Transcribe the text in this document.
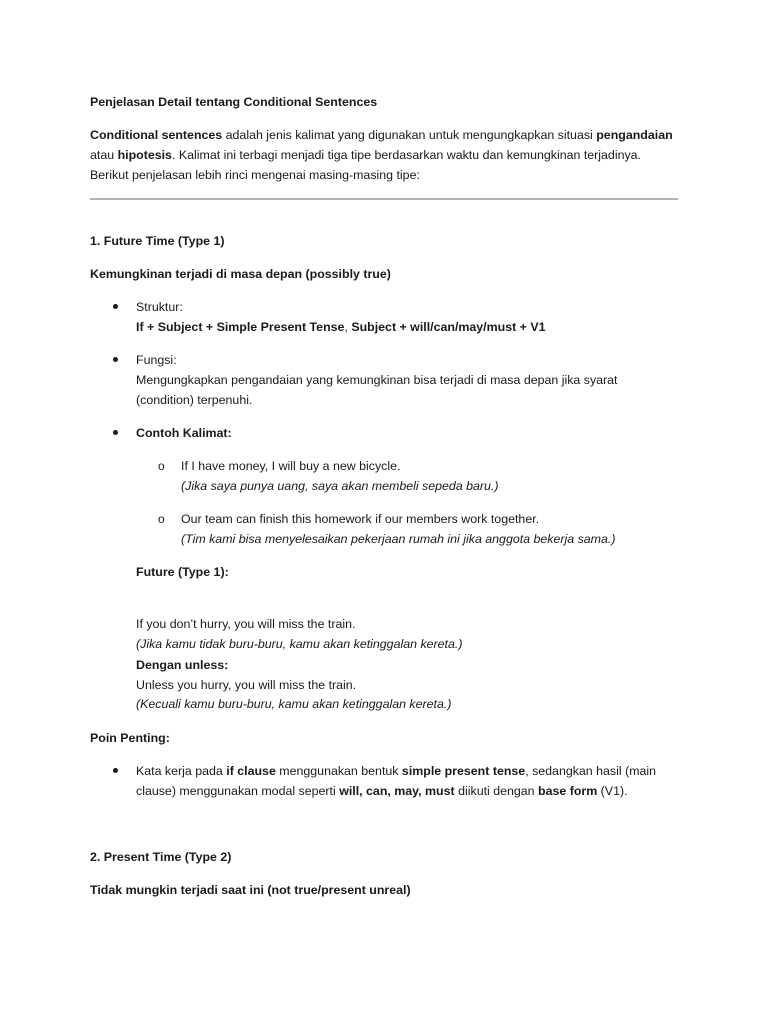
Penjelasan Detail tentang Conditional Sentences
Conditional sentences adalah jenis kalimat yang digunakan untuk mengungkapkan situasi pengandaian
atau hipotesis. Kalimat ini terbagi menjadi tiga tipe berdasarkan waktu dan kemungkinan terjadinya.
Berikut penjelasan lebih rinci mengenai masing-masing tipe:
1. Future Time (Type 1)
Kemungkinan terjadi di masa depan (possibly true)
Struktur:
If + Subject + Simple Present Tense, Subject + will/can/may/must + V1
Fungsi:
Mengungkapkan pengandaian yang kemungkinan bisa terjadi di masa depan jika syarat
(condition) terpenuhi.
Contoh Kalimat:
o If I have money, I will buy a new bicycle.
(Jika saya punya uang, saya akan membeli sepeda baru.)
o Our team can finish this homework if our members work together.
(Tim kami bisa menyelesaikan pekerjaan rumah ini jika anggota bekerja sama.)
Future (Type 1):
If you don’t hurry, you will miss the train.
(Jika kamu tidak buru-buru, kamu akan ketinggalan kereta.)
Dengan unless:
Unless you hurry, you will miss the train.
(Kecuali kamu buru-buru, kamu akan ketinggalan kereta.)
Poin Penting:
Kata kerja pada if clause menggunakan bentuk simple present tense, sedangkan hasil (main
clause) menggunakan modal seperti will, can, may, must diikuti dengan base form (V1).
2. Present Time (Type 2)
Tidak mungkin terjadi saat ini (not true/present unreal)
